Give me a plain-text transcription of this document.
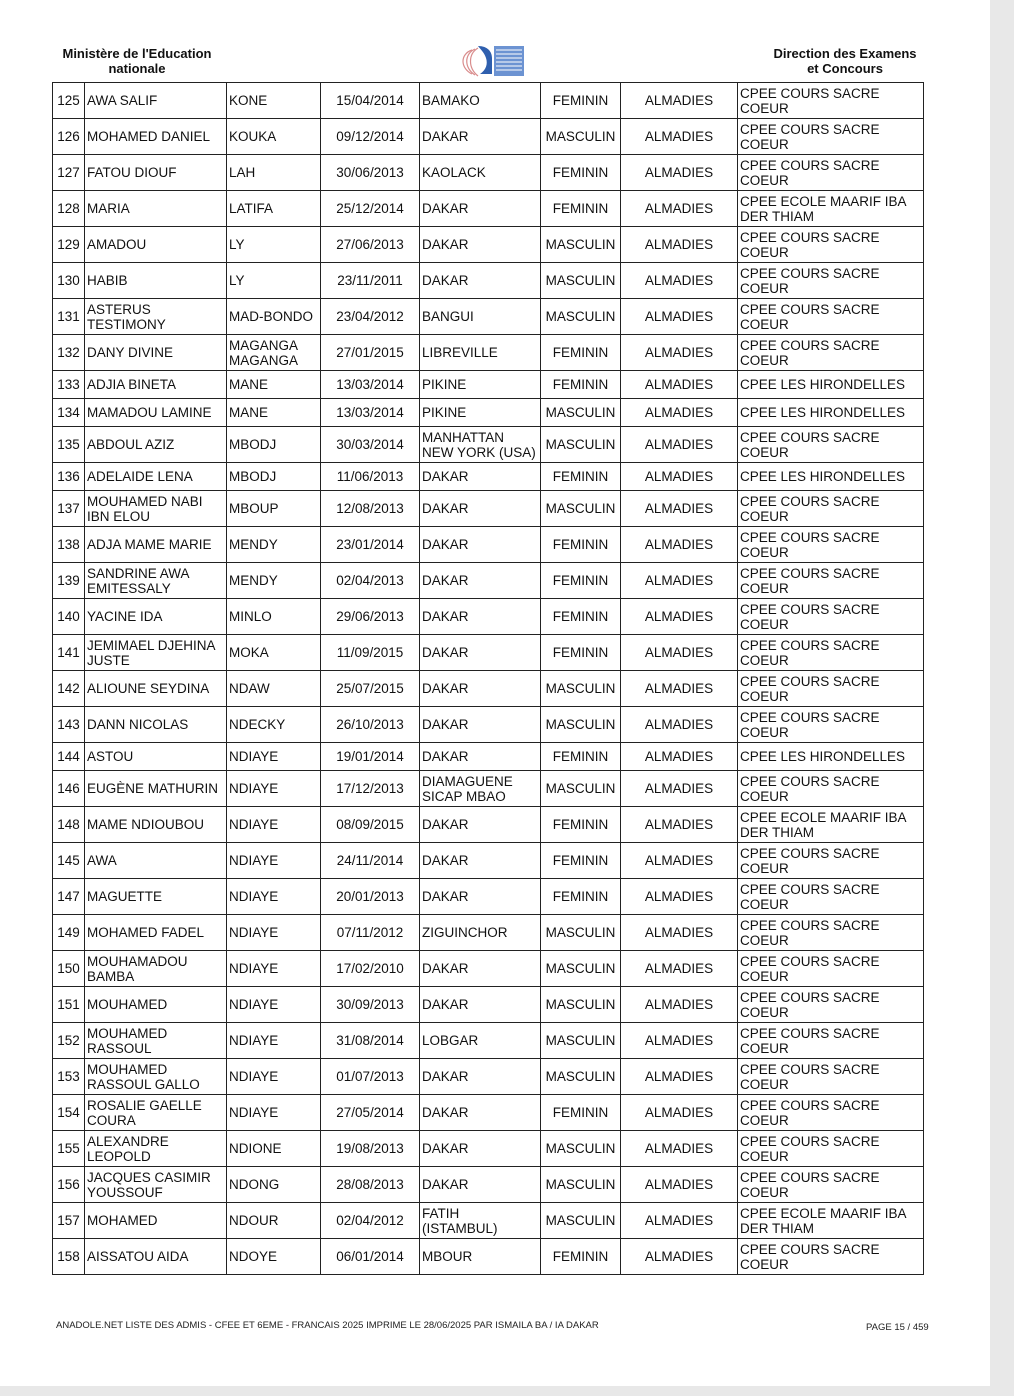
Ministère de l'Education
nationale
Direction des Examens
et Concours
125	AWA SALIF	KONE	15/04/2014	BAMAKO	FEMININ	ALMADIES	CPEE COURS SACRE COEUR
126	MOHAMED DANIEL	KOUKA	09/12/2014	DAKAR	MASCULIN	ALMADIES	CPEE COURS SACRE COEUR
127	FATOU DIOUF	LAH	30/06/2013	KAOLACK	FEMININ	ALMADIES	CPEE COURS SACRE COEUR
128	MARIA	LATIFA	25/12/2014	DAKAR	FEMININ	ALMADIES	CPEE ECOLE MAARIF IBA DER THIAM
129	AMADOU	LY	27/06/2013	DAKAR	MASCULIN	ALMADIES	CPEE COURS SACRE COEUR
130	HABIB	LY	23/11/2011	DAKAR	MASCULIN	ALMADIES	CPEE COURS SACRE COEUR
131	ASTERUS TESTIMONY	MAD-BONDO	23/04/2012	BANGUI	MASCULIN	ALMADIES	CPEE COURS SACRE COEUR
132	DANY DIVINE	MAGANGA MAGANGA	27/01/2015	LIBREVILLE	FEMININ	ALMADIES	CPEE COURS SACRE COEUR
133	ADJIA BINETA	MANE	13/03/2014	PIKINE	FEMININ	ALMADIES	CPEE LES HIRONDELLES
134	MAMADOU LAMINE	MANE	13/03/2014	PIKINE	MASCULIN	ALMADIES	CPEE LES HIRONDELLES
135	ABDOUL AZIZ	MBODJ	30/03/2014	MANHATTAN NEW YORK (USA)	MASCULIN	ALMADIES	CPEE COURS SACRE COEUR
136	ADELAIDE LENA	MBODJ	11/06/2013	DAKAR	FEMININ	ALMADIES	CPEE LES HIRONDELLES
137	MOUHAMED NABI IBN ELOU	MBOUP	12/08/2013	DAKAR	MASCULIN	ALMADIES	CPEE COURS SACRE COEUR
138	ADJA MAME MARIE	MENDY	23/01/2014	DAKAR	FEMININ	ALMADIES	CPEE COURS SACRE COEUR
139	SANDRINE AWA EMITESSALY	MENDY	02/04/2013	DAKAR	FEMININ	ALMADIES	CPEE COURS SACRE COEUR
140	YACINE IDA	MINLO	29/06/2013	DAKAR	FEMININ	ALMADIES	CPEE COURS SACRE COEUR
141	JEMIMAEL DJEHINA JUSTE	MOKA	11/09/2015	DAKAR	FEMININ	ALMADIES	CPEE COURS SACRE COEUR
142	ALIOUNE SEYDINA	NDAW	25/07/2015	DAKAR	MASCULIN	ALMADIES	CPEE COURS SACRE COEUR
143	DANN NICOLAS	NDECKY	26/10/2013	DAKAR	MASCULIN	ALMADIES	CPEE COURS SACRE COEUR
144	ASTOU	NDIAYE	19/01/2014	DAKAR	FEMININ	ALMADIES	CPEE LES HIRONDELLES
146	EUGÈNE MATHURIN	NDIAYE	17/12/2013	DIAMAGUENE SICAP MBAO	MASCULIN	ALMADIES	CPEE COURS SACRE COEUR
148	MAME NDIOUBOU	NDIAYE	08/09/2015	DAKAR	FEMININ	ALMADIES	CPEE ECOLE MAARIF IBA DER THIAM
145	AWA	NDIAYE	24/11/2014	DAKAR	FEMININ	ALMADIES	CPEE COURS SACRE COEUR
147	MAGUETTE	NDIAYE	20/01/2013	DAKAR	FEMININ	ALMADIES	CPEE COURS SACRE COEUR
149	MOHAMED FADEL	NDIAYE	07/11/2012	ZIGUINCHOR	MASCULIN	ALMADIES	CPEE COURS SACRE COEUR
150	MOUHAMADOU BAMBA	NDIAYE	17/02/2010	DAKAR	MASCULIN	ALMADIES	CPEE COURS SACRE COEUR
151	MOUHAMED	NDIAYE	30/09/2013	DAKAR	MASCULIN	ALMADIES	CPEE COURS SACRE COEUR
152	MOUHAMED RASSOUL	NDIAYE	31/08/2014	LOBGAR	MASCULIN	ALMADIES	CPEE COURS SACRE COEUR
153	MOUHAMED RASSOUL GALLO	NDIAYE	01/07/2013	DAKAR	MASCULIN	ALMADIES	CPEE COURS SACRE COEUR
154	ROSALIE GAELLE COURA	NDIAYE	27/05/2014	DAKAR	FEMININ	ALMADIES	CPEE COURS SACRE COEUR
155	ALEXANDRE LEOPOLD	NDIONE	19/08/2013	DAKAR	MASCULIN	ALMADIES	CPEE COURS SACRE COEUR
156	JACQUES CASIMIR YOUSSOUF	NDONG	28/08/2013	DAKAR	MASCULIN	ALMADIES	CPEE COURS SACRE COEUR
157	MOHAMED	NDOUR	02/04/2012	FATIH (ISTAMBUL)	MASCULIN	ALMADIES	CPEE ECOLE MAARIF IBA DER THIAM
158	AISSATOU AIDA	NDOYE	06/01/2014	MBOUR	FEMININ	ALMADIES	CPEE COURS SACRE COEUR
ANADOLE.NET LISTE DES ADMIS - CFEE ET 6EME - FRANCAIS 2025 IMPRIME LE 28/06/2025 PAR ISMAILA BA / IA DAKAR	PAGE 15 / 459
